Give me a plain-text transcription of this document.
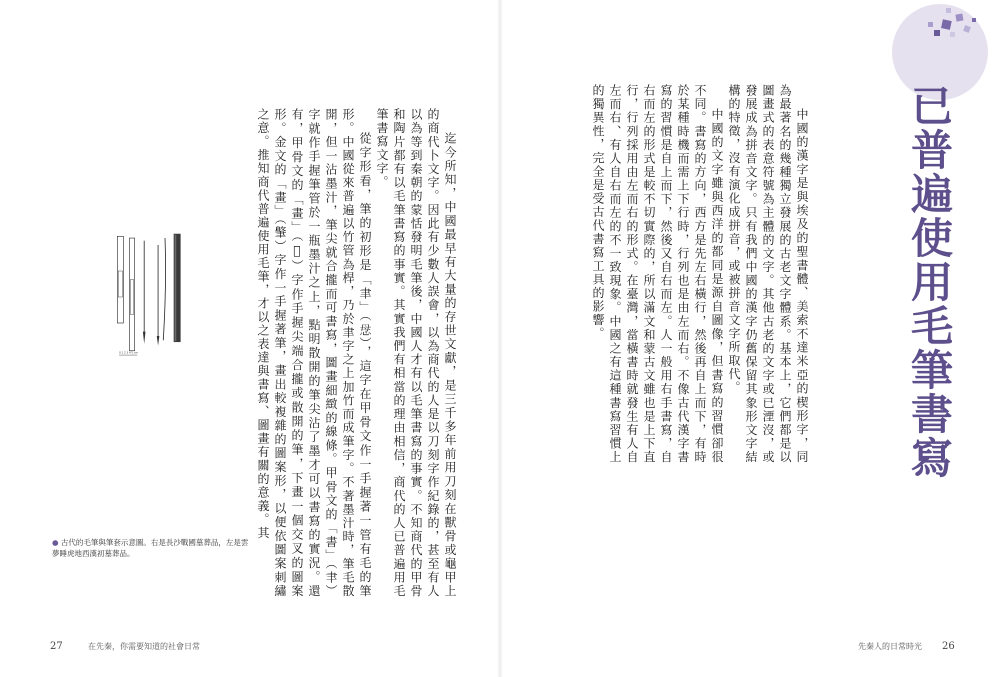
已普遍使用毛筆書寫

中國的漢字是與埃及的聖書體、美索不達米亞的楔形字，同為最著名的幾種獨立發展的古老文字體系。基本上，它們都是以圖畫式的表意符號為主體的文字。其他古老的文字或已湮沒，或發展成為拼音文字。只有我們中國的漢字仍舊保留其象形文字結構的特徵，沒有演化成拼音，或被拼音文字所取代。

中國的文字雖與西洋的都同是源自圖像，但書寫的習慣卻很不同。書寫的方向，西方是先左右橫行，然後再自上而下，有時於某種時機而需上下行時，行列也是由左而右。不像古代漢字書寫的習慣是自上而下，然後又自右而左。人一般用右手書寫，自右而左的形式是較不切實際的，所以滿文和蒙古文雖也是上下直行，行列採用由左而右的形式。在臺灣，當橫書時就發生有人自左而右、有人自右而左的不一致現象。中國之有這種書寫習慣上的獨異性，完全是受古代書寫工具的影響。

先秦人的日常時光 26

迄今所知，中國最早有大量的存世文獻，是三千多年前用刀刻在獸骨或龜甲上的商代卜文字。因此有少數人誤會，以為商代的人是以刀刻字作紀錄的，甚至有人以為等到秦朝的蒙恬發明毛筆後，中國人才有以毛筆書寫的事實。不知商代的甲骨和陶片都有以毛筆書寫的事實。其實我們有相當的理由相信，商代的人已普遍用毛筆書寫文字。

從字形看，筆的初形是「聿」（𢘓），這字在甲骨文作一手握著一管有毛的筆形。中國從來普遍以竹管為桿，乃於聿字之上加竹而成筆字。不著墨汁時，筆毛散開，但一沾墨汁，筆尖就合攏而可書寫，圖畫細緻的線條。甲骨文的「書」（𦘒）字就作手握筆管於一瓶墨汁之上，點明散開的筆尖沾了墨才可以書寫的實況。還有，甲骨文的「畫」（𤰔）字作手握尖端合攏或散開的筆，下畫一個交叉的圖案形。金文的「畫」（𦘦）字作一手握著筆，畫出較複雜的圖案形，以便依圖案刺繡之意。推知商代普遍使用毛筆，才以之表達與書寫、圖畫有關的意義。其

0 1 2 3 4 5 cm
● 古代的毛筆與筆套示意圖。右是長沙戰國墓葬品，左是雲夢睡虎地西漢初墓葬品。
27	在先秦，你需要知道的社會日常
